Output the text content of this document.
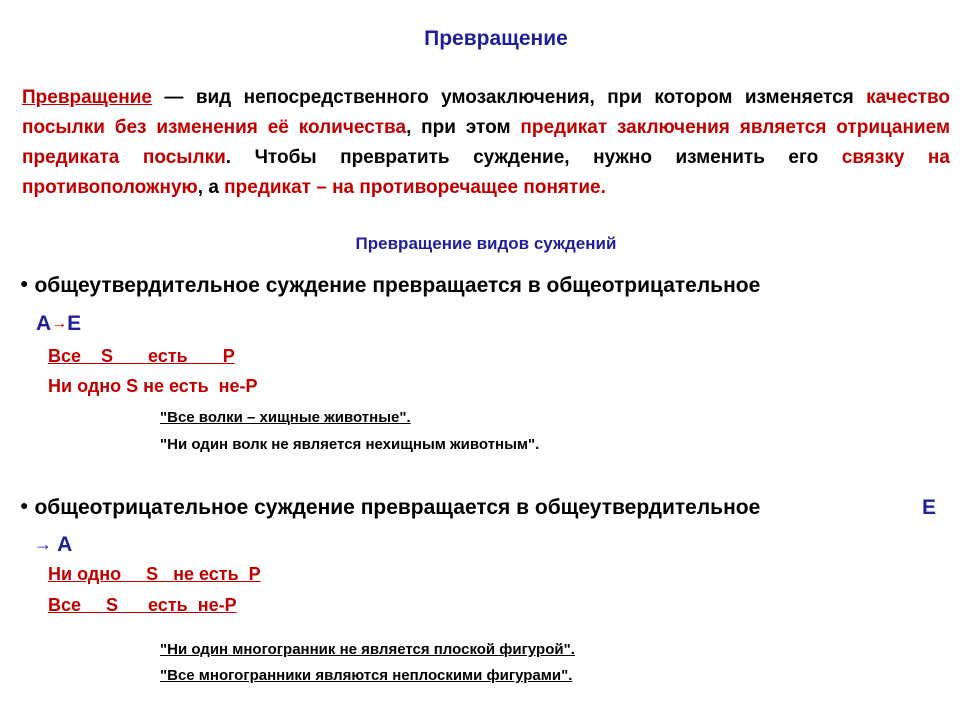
Превращение
Превращение — вид непосредственного умозаключения, при котором изменяется качество посылки без изменения её количества, при этом предикат заключения является отрицанием предиката посылки. Чтобы превратить суждение, нужно изменить его связку на противоположную, а предикат – на противоречащее понятие.
Превращение видов суждений
● общеутвердительное суждение превращается в общеотрицательное
A→E
Все    S       есть       P
Ни одно S не есть  не-Р
"Все волки – хищные животные".
"Ни один волк не является нехищным животным".
● общеотрицательное суждение превращается в общеутвердительное	E
→ A
Ни одно     S   не есть  P
Все     S      есть  не-Р
"Ни один многогранник не является плоской фигурой".
"Все многогранники являются неплоскими фигурами".
